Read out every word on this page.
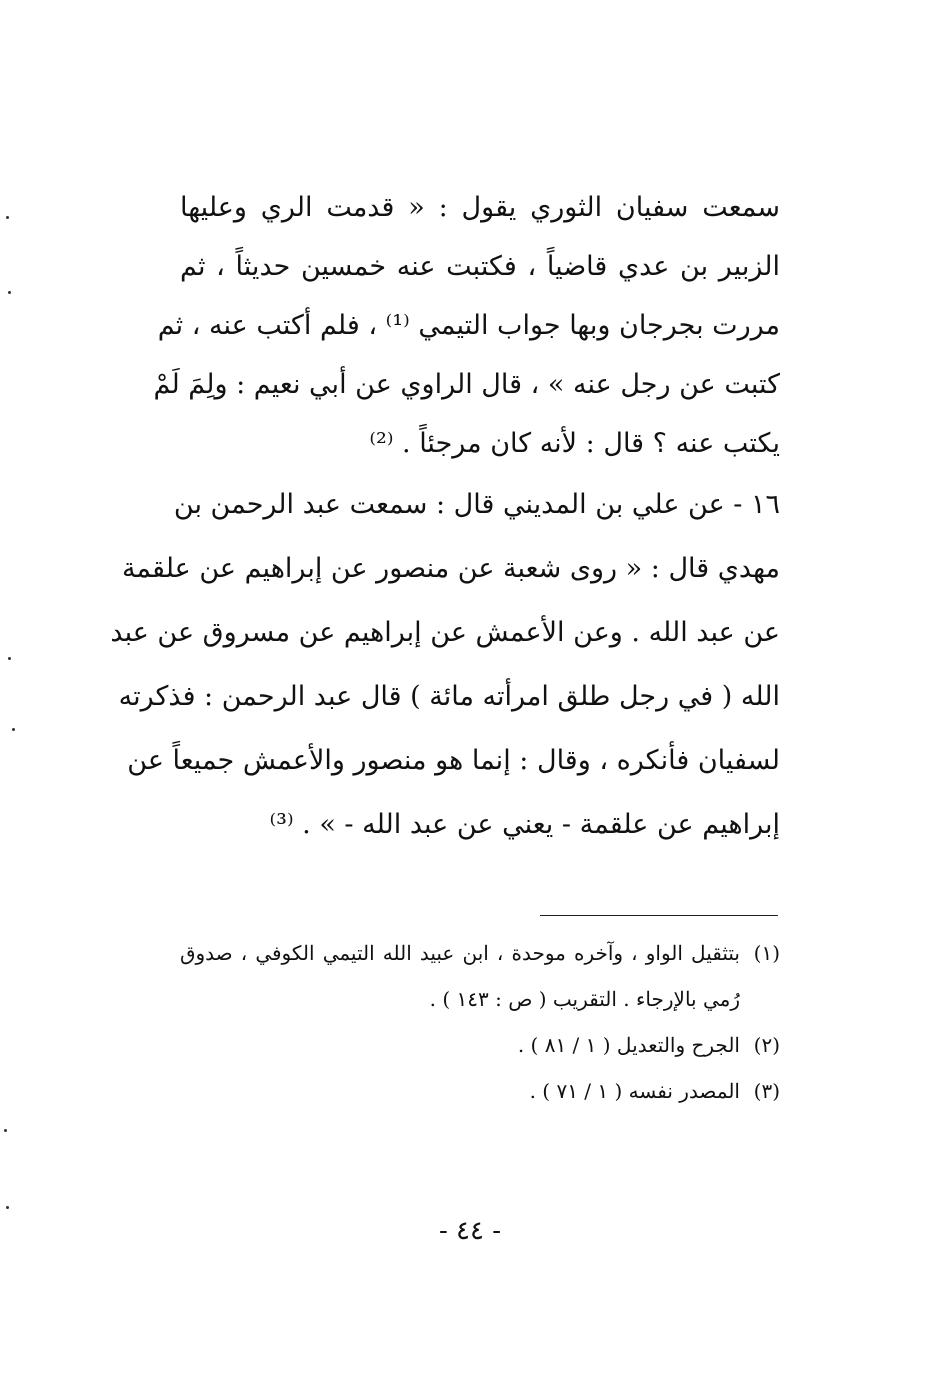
سمعت سفيان الثوري يقول : « قدمت الري وعليها
الزبير بن عدي قاضياً ، فكتبت عنه خمسين حديثاً ، ثم
مررت بجرجان وبها جواب التيمي ⁽¹⁾ ، فلم أكتب عنه ، ثم
كتبت عن رجل عنه » ، قال الراوي عن أبي نعيم : ولِمَ لَمْ
يكتب عنه ؟ قال : لأنه كان مرجئاً . ⁽²⁾
١٦ - عن علي بن المديني قال : سمعت عبد الرحمن بن
مهدي قال : « روى شعبة عن منصور عن إبراهيم عن علقمة
عن عبد الله . وعن الأعمش عن إبراهيم عن مسروق عن عبد
الله ( في رجل طلق امرأته مائة ) قال عبد الرحمن : فذكرته
لسفيان فأنكره ، وقال : إنما هو منصور والأعمش جميعاً عن
إبراهيم عن علقمة - يعني عن عبد الله - » . ⁽³⁾
(١)بتثقيل الواو ، وآخره موحدة ، ابن عبيد الله التيمي الكوفي ، صدوق
رُمي بالإرجاء . التقريب ( ص : ١٤٣ ) .
(٢)الجرح والتعديل ( ١ / ٨١ ) .
(٣)المصدر نفسه ( ١ / ٧١ ) .
- ٤٤ -
